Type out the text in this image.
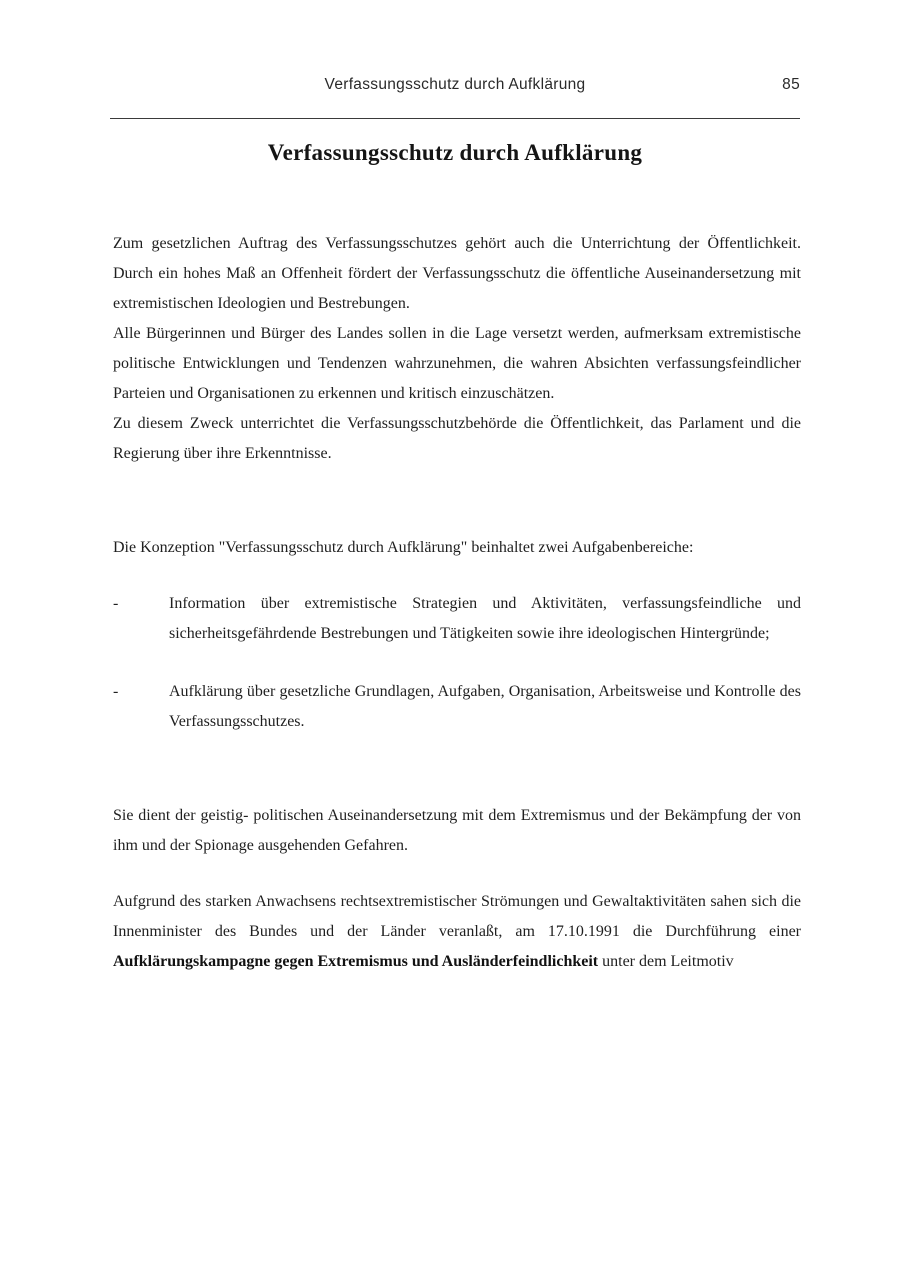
Verfassungsschutz durch Aufklärung	85
Verfassungsschutz durch Aufklärung

Zum gesetzlichen Auftrag des Verfassungsschutzes gehört auch die Unterrichtung der Öffentlichkeit. Durch ein hohes Maß an Offenheit fördert der Verfassungsschutz die öffentliche Auseinandersetzung mit extremistischen Ideologien und Bestrebungen.

Alle Bürgerinnen und Bürger des Landes sollen in die Lage versetzt werden, aufmerksam extremistische politische Entwicklungen und Tendenzen wahrzunehmen, die wahren Absichten verfassungsfeindlicher Parteien und Organisationen zu erkennen und kritisch einzuschätzen.

Zu diesem Zweck unterrichtet die Verfassungsschutzbehörde die Öffentlichkeit, das Parlament und die Regierung über ihre Erkenntnisse.

Die Konzeption "Verfassungsschutz durch Aufklärung" beinhaltet zwei Aufgabenbereiche:

-	Information über extremistische Strategien und Aktivitäten, verfassungsfeindliche und sicherheitsgefährdende Bestrebungen und Tätigkeiten sowie ihre ideologischen Hintergründe;
-	Aufklärung über gesetzliche Grundlagen, Aufgaben, Organisation, Arbeitsweise und Kontrolle des Verfassungsschutzes.

Sie dient der geistig- politischen Auseinandersetzung mit dem Extremismus und der Bekämpfung der von ihm und der Spionage ausgehenden Gefahren.

Aufgrund des starken Anwachsens rechtsextremistischer Strömungen und Gewaltaktivitäten sahen sich die Innenminister des Bundes und der Länder veranlaßt, am 17.10.1991 die Durchführung einer Aufklärungskampagne gegen Extremismus und Ausländerfeindlichkeit unter dem Leitmotiv
